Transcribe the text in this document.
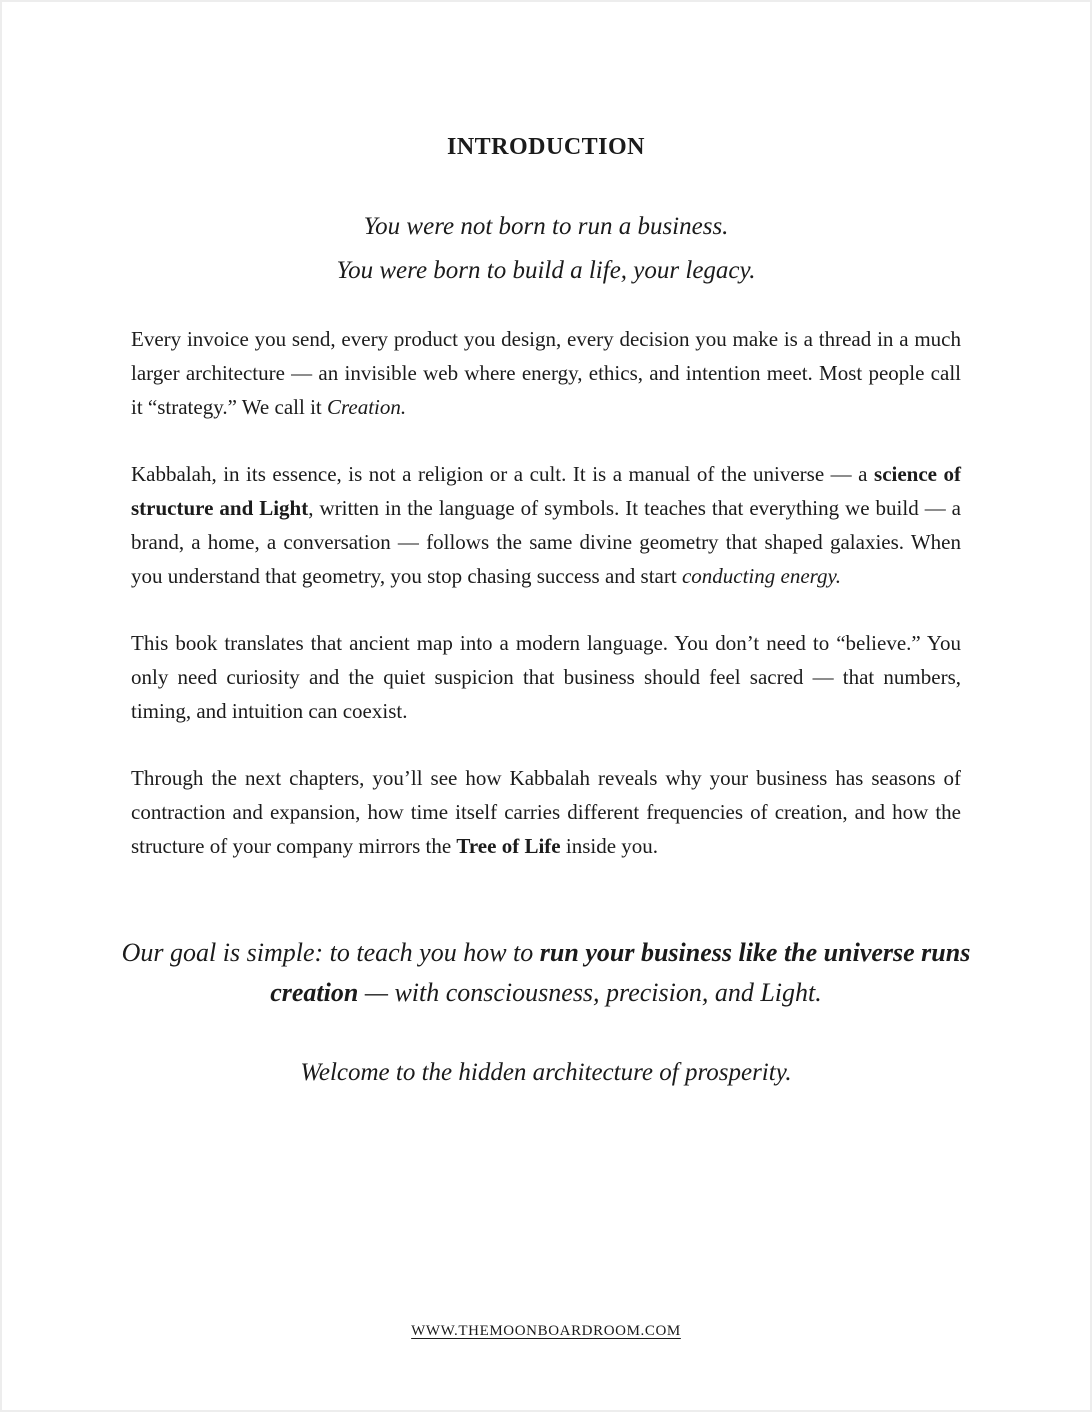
INTRODUCTION
You were not born to run a business.
You were born to build a life, your legacy.

Every invoice you send, every product you design, every decision you make is a thread in a much larger architecture — an invisible web where energy, ethics, and intention meet. Most people call it “strategy.” We call it Creation.

Kabbalah, in its essence, is not a religion or a cult. It is a manual of the universe — a science of structure and Light, written in the language of symbols. It teaches that everything we build — a brand, a home, a conversation — follows the same divine geometry that shaped galaxies. When you understand that geometry, you stop chasing success and start conducting energy.

This book translates that ancient map into a modern language. You don’t need to “believe.” You only need curiosity and the quiet suspicion that business should feel sacred — that numbers, timing, and intuition can coexist.

Through the next chapters, you’ll see how Kabbalah reveals why your business has seasons of contraction and expansion, how time itself carries different frequencies of creation, and how the structure of your company mirrors the Tree of Life inside you.

Our goal is simple: to teach you how to run your business like the universe runs creation — with consciousness, precision, and Light.
Welcome to the hidden architecture of prosperity.
WWW.THEMOONBOARDROOM.COM
